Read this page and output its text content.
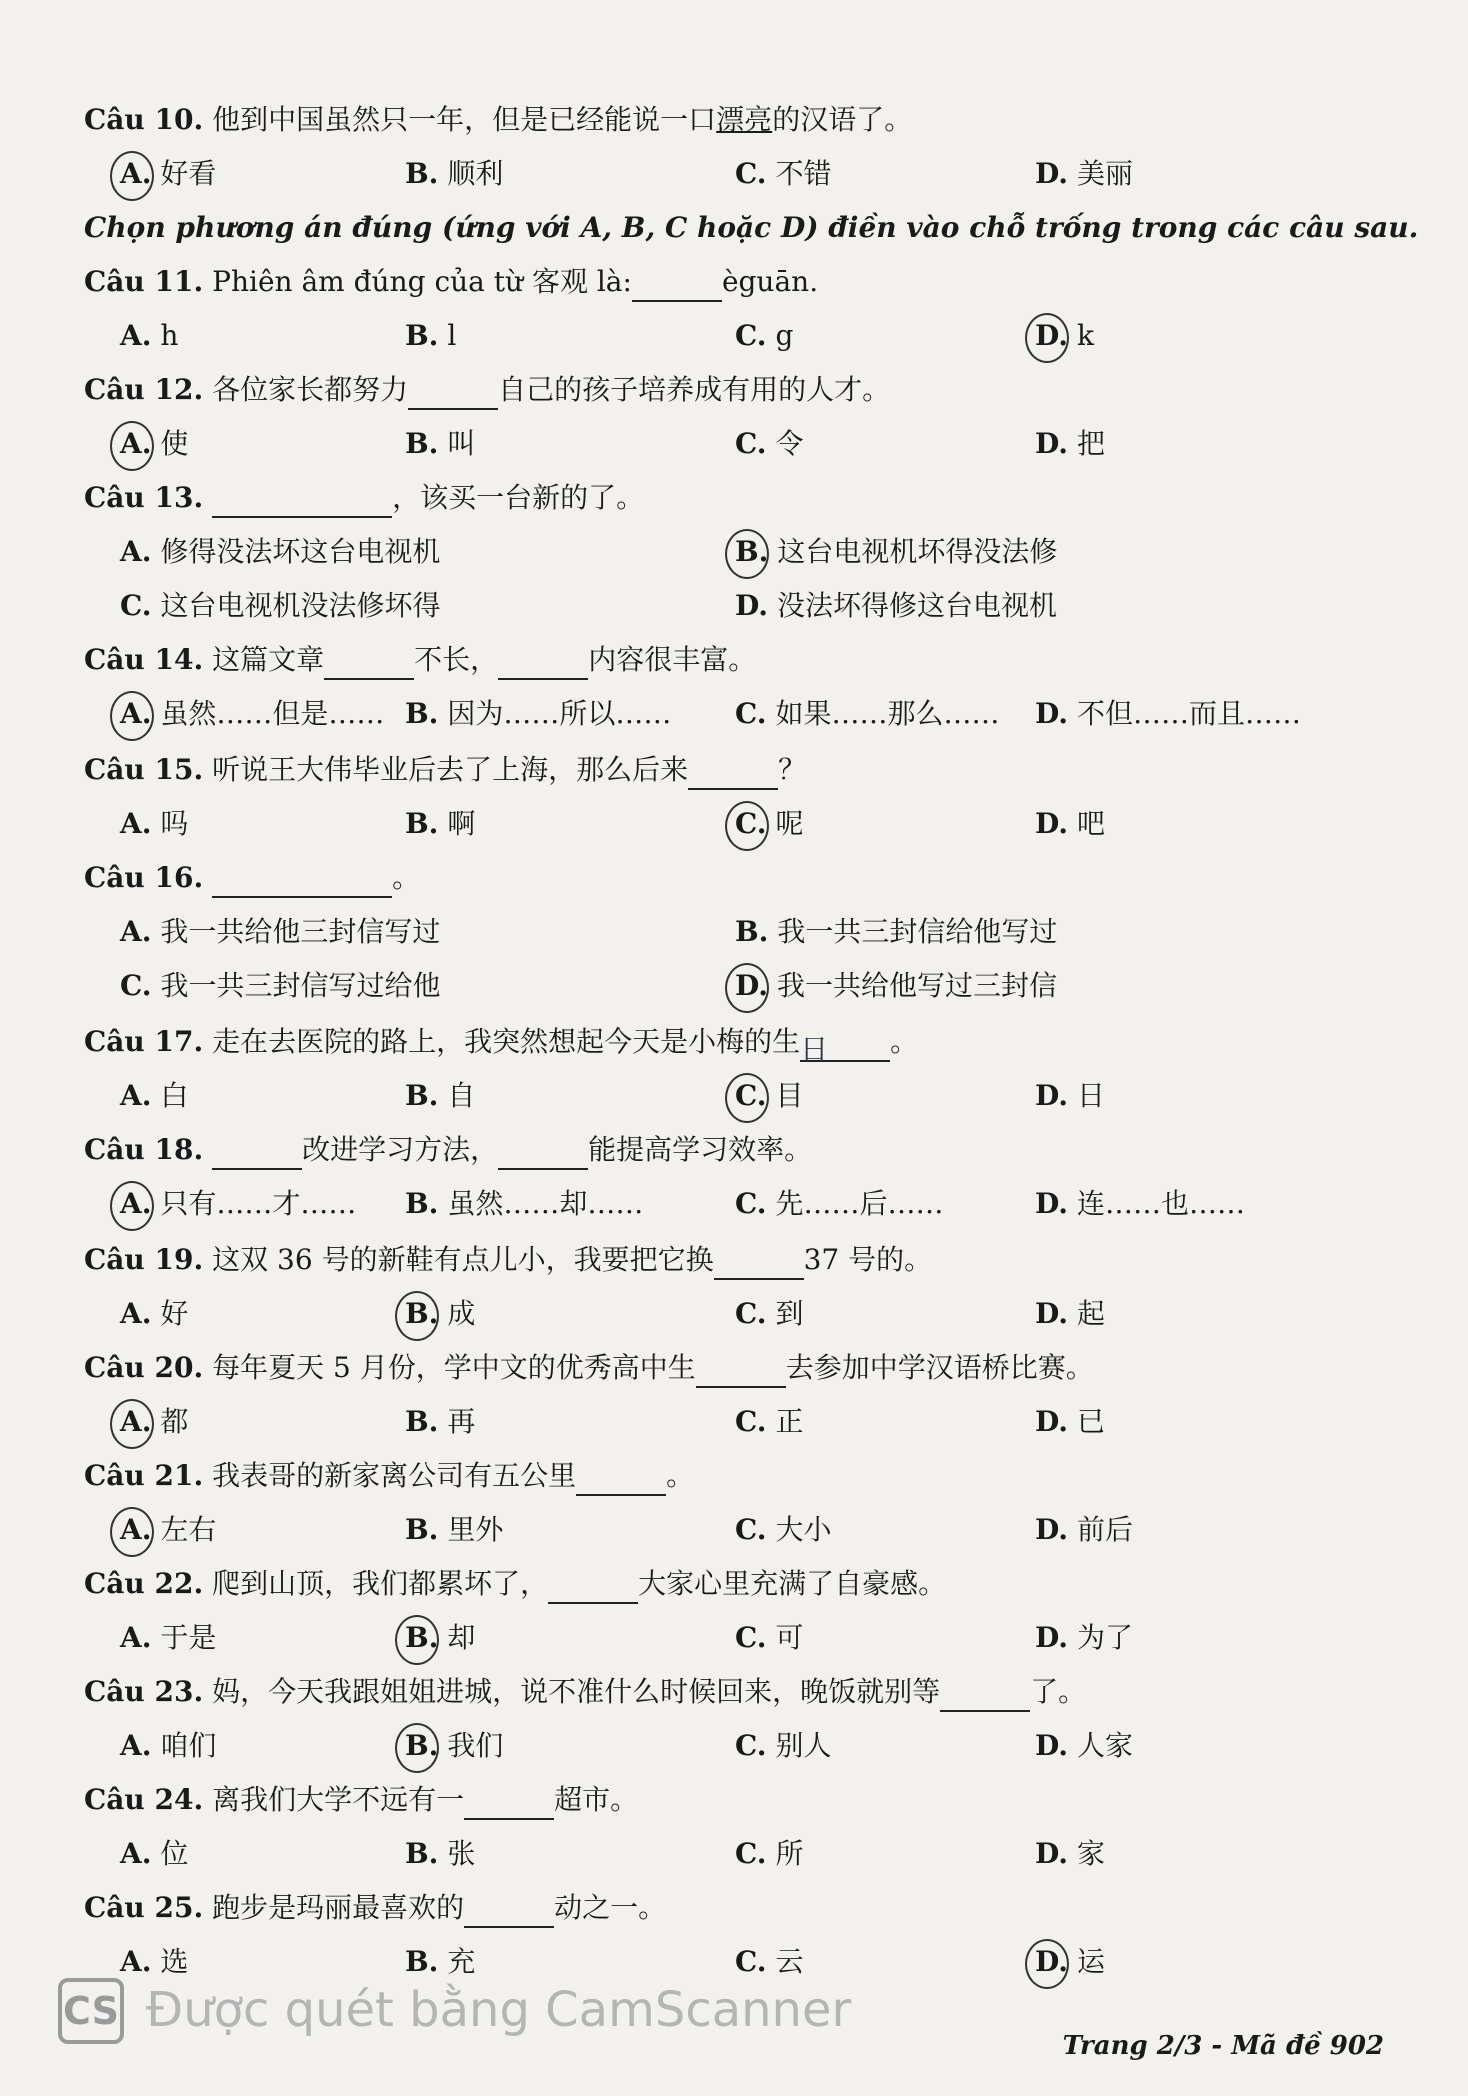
Chọn phương án đúng (ứng với A, B, C hoặc D) điền vào chỗ trống trong các câu sau.
Câu 10. 他到中国虽然只一年，但是已经能说一口漂亮的汉语了。
A. 好看	B. 顺利	C. 不错	D. 美丽
Câu 11. Phiên âm đúng của từ 客观 là:	èguān.
A. h	B. l	C. g	D. k
Câu 12. 各位家长都努力	自己的孩子培养成有用的人才。
A. 使	B. 叫	C. 令	D. 把
Câu 13.	，该买一台新的了。
A. 修得没法坏这台电视机	B. 这台电视机坏得没法修
C. 这台电视机没法修坏得	D. 没法坏得修这台电视机
Câu 14. 这篇文章	不长，	内容很丰富。
A. 虽然……但是…… B. 因为……所以…… C. 如果……那么…… D. 不但……而且……
Câu 15. 听说王大伟毕业后去了上海，那么后来	？
A. 吗	B. 啊	C. 呢	D. 吧
Câu 16.	。
A. 我一共给他三封信写过	B. 我一共三封信给他写过
C. 我一共三封信写过给他	D. 我一共给他写过三封信
Câu 17. 走在去医院的路上，我突然想起今天是小梅的生日 。
A. 白	B. 自	C. 目	D. 日
Câu 18.	改进学习方法，	能提高学习效率。
A. 只有……才…… B. 虽然……却……	C. 先……后……	D. 连……也……
Câu 19. 这双 36 号的新鞋有点儿小，我要把它换	37 号的。
A. 好	B. 成	C. 到	D. 起
Câu 20. 每年夏天 5 月份，学中文的优秀高中生	去参加中学汉语桥比赛。
A. 都	B. 再	C. 正	D. 已
Câu 21. 我表哥的新家离公司有五公里	。
A. 左右	B. 里外	C. 大小	D. 前后
Câu 22. 爬到山顶，我们都累坏了，	大家心里充满了自豪感。
A. 于是	B. 却	C. 可	D. 为了
Câu 23. 妈，今天我跟姐姐进城，说不准什么时候回来，晚饭就别等	了。
A. 咱们	B. 我们	C. 别人	D. 人家
Câu 24. 离我们大学不远有一	超市。
A. 位	B. 张	C. 所	D. 家
Câu 25. 跑步是玛丽最喜欢的	动之一。
A. 选	B. 充	C. 云	D. 运
CS Được quét bằng CamScanner
Trang 2/3 - Mã đề 902
